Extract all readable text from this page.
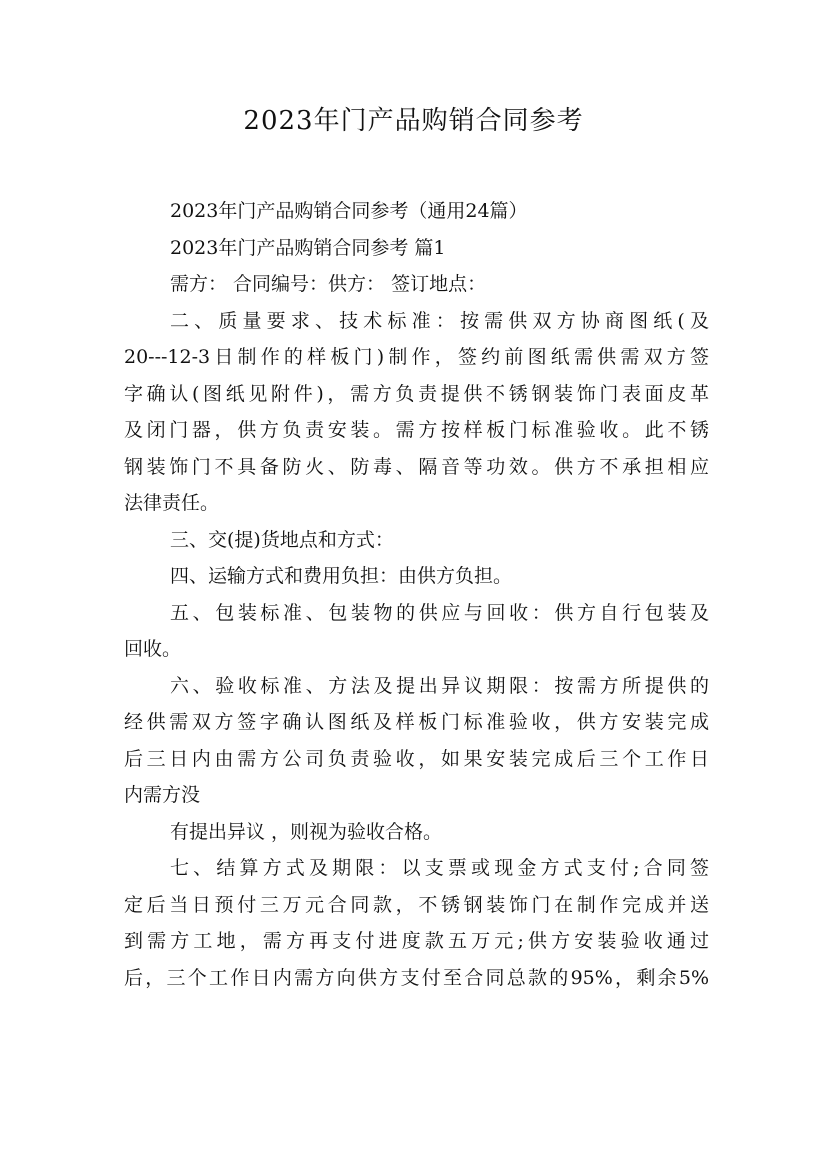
2023年门产品购销合同参考
2023年门产品购销合同参考（通用24篇）
2023年门产品购销合同参考 篇1
需方： 合同编号：供方： 签订地点：
二、质量要求、技术标准：按需供双方协商图纸(及
20---12-3日制作的样板门)制作，签约前图纸需供需双方签
字确认(图纸见附件)，需方负责提供不锈钢装饰门表面皮革
及闭门器，供方负责安装。需方按样板门标准验收。此不锈
钢装饰门不具备防火、防毒、隔音等功效。供方不承担相应
法律责任。
三、交(提)货地点和方式：
四、运输方式和费用负担：由供方负担。
五、包装标准、包装物的供应与回收：供方自行包装及
回收。
六、验收标准、方法及提出异议期限：按需方所提供的
经供需双方签字确认图纸及样板门标准验收，供方安装完成
后三日内由需方公司负责验收，如果安装完成后三个工作日
内需方没
有提出异议 ，则视为验收合格。
七、结算方式及期限：以支票或现金方式支付;合同签
定后当日预付三万元合同款，不锈钢装饰门在制作完成并送
到需方工地，需方再支付进度款五万元;供方安装验收通过
后，三个工作日内需方向供方支付至合同总款的95%，剩余5%
